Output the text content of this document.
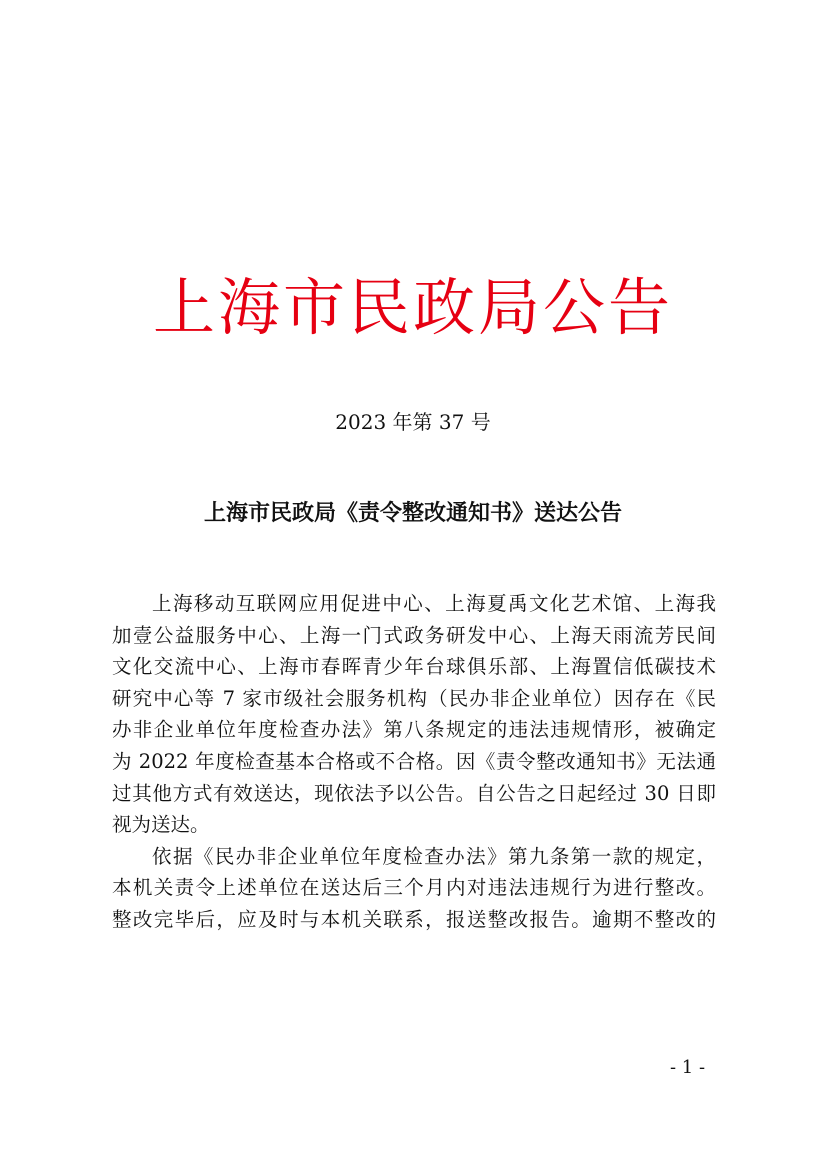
上海市民政局公告
2023 年第 37 号
上海市民政局《责令整改通知书》送达公告
上海移动互联网应用促进中心、上海夏禹文化艺术馆、上海我
加壹公益服务中心、上海一门式政务研发中心、上海天雨流芳民间
文化交流中心、上海市春晖青少年台球俱乐部、上海置信低碳技术
研究中心等 7 家市级社会服务机构（民办非企业单位）因存在《民
办非企业单位年度检查办法》第八条规定的违法违规情形，被确定
为 2022 年度检查基本合格或不合格。因《责令整改通知书》无法通
过其他方式有效送达，现依法予以公告。自公告之日起经过 30 日即
视为送达。
依据《民办非企业单位年度检查办法》第九条第一款的规定，
本机关责令上述单位在送达后三个月内对违法违规行为进行整改。
整改完毕后，应及时与本机关联系，报送整改报告。逾期不整改的
- 1 -
